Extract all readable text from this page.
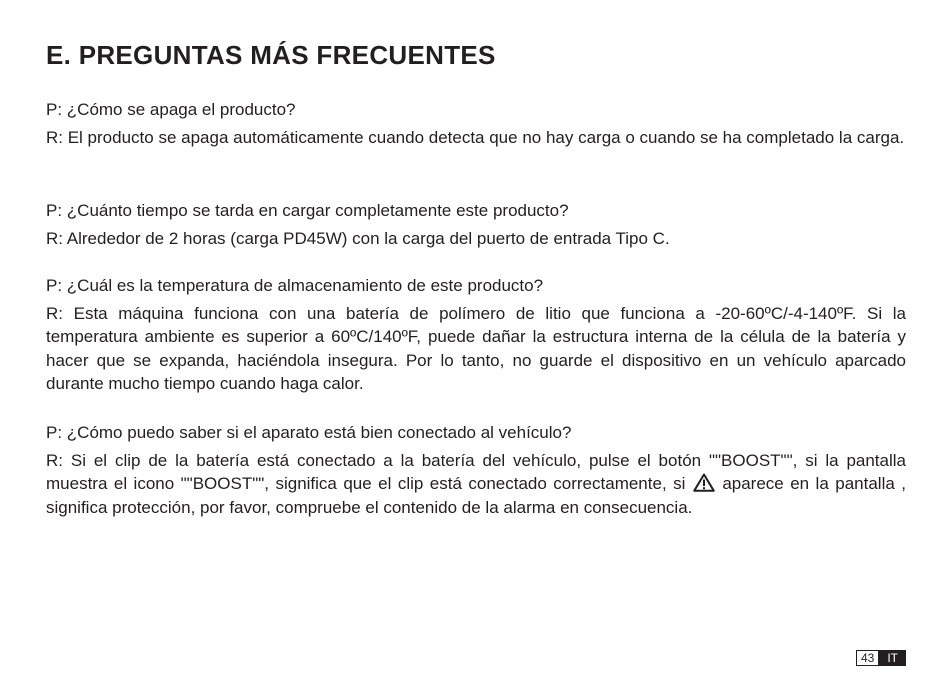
E. PREGUNTAS MÁS FRECUENTES

P: ¿Cómo se apaga el producto?

R: El producto se apaga automáticamente cuando detecta que no hay carga o cuando se ha completado la carga.

P: ¿Cuánto tiempo se tarda en cargar completamente este producto?

R: Alrededor de 2 horas (carga PD45W) con la carga del puerto de entrada Tipo C.

P: ¿Cuál es la temperatura de almacenamiento de este producto?

R: Esta máquina funciona con una batería de polímero de litio que funciona a -20-60ºC/-4-140ºF. Si la temperatura ambiente es superior a 60ºC/140ºF, puede dañar la estructura interna de la célula de la batería y hacer que se expanda, haciéndola insegura. Por lo tanto, no guarde el dispositivo en un vehículo aparcado durante mucho tiempo cuando haga calor.

P: ¿Cómo puedo saber si el aparato está bien conectado al vehículo?

R: Si el clip de la batería está conectado a la batería del vehículo, pulse el botón ""BOOST"", si la pantalla muestra el icono ""BOOST"", significa que el clip está conectado correctamente, si aparece en la pantalla , significa protección, por favor, compruebe el contenido de la alarma en consecuencia.

43	IT
